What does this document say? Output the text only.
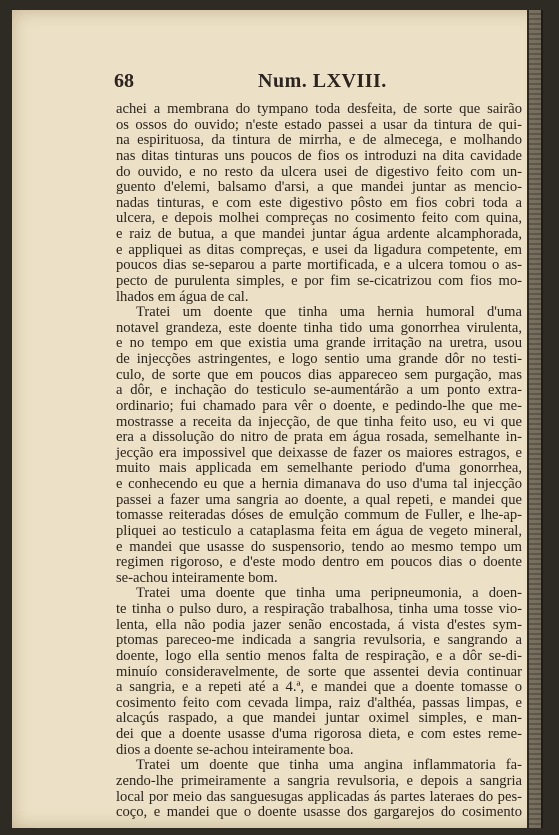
68	Num. LXVIII.
achei a membrana do tympano toda desfeita, de sorte que sairão
os ossos do ouvido; n'este estado passei a usar da tintura de qui-
na espirituosa, da tintura de mirrha, e de almecega, e molhando
nas ditas tinturas uns poucos de fios os introduzi na dita cavidade
do ouvido, e no resto da ulcera usei de digestivo feito com un-
guento d'elemi, balsamo d'arsi, a que mandei juntar as mencio-
nadas tinturas, e com este digestivo pôsto em fios cobri toda a
ulcera, e depois molhei compreças no cosimento feito com quina,
e raiz de butua, a que mandei juntar água ardente alcamphorada,
e appliquei as ditas compreças, e usei da ligadura competente, em
poucos dias se-separou a parte mortificada, e a ulcera tomou o as-
pecto de purulenta simples, e por fim se-cicatrizou com fios mo-
lhados em água de cal.
Tratei um doente que tinha uma hernia humoral d'uma
notavel grandeza, este doente tinha tido uma gonorrhea virulenta,
e no tempo em que existia uma grande irritação na uretra, usou
de injecções astringentes, e logo sentio uma grande dôr no testi-
culo, de sorte que em poucos dias appareceo sem purgação, mas
a dôr, e inchação do testiculo se-aumentárão a um ponto extra-
ordinario; fui chamado para vêr o doente, e pedindo-lhe que me-
mostrasse a receita da injecção, de que tinha feito uso, eu vi que
era a dissolução do nitro de prata em água rosada, semelhante in-
jecção era impossivel que deixasse de fazer os maiores estragos, e
muito mais applicada em semelhante periodo d'uma gonorrhea,
e conhecendo eu que a hernia dimanava do uso d'uma tal injecção
passei a fazer uma sangria ao doente, a qual repeti, e mandei que
tomasse reiteradas dóses de emulção commum de Fuller, e lhe-ap-
pliquei ao testiculo a cataplasma feita em água de vegeto mineral,
e mandei que usasse do suspensorio, tendo ao mesmo tempo um
regimen rigoroso, e d'este modo dentro em poucos dias o doente
se-achou inteiramente bom.
Tratei uma doente que tinha uma peripneumonia, a doen-
te tinha o pulso duro, a respiração trabalhosa, tinha uma tosse vio-
lenta, ella não podia jazer senão encostada, á vista d'estes sym-
ptomas pareceo-me indicada a sangria revulsoria, e sangrando a
doente, logo ella sentio menos falta de respiração, e a dôr se-di-
minuío consideravelmente, de sorte que assentei devia continuar
a sangria, e a repeti até a 4.ª, e mandei que a doente tomasse o
cosimento feito com cevada limpa, raiz d'althéa, passas limpas, e
alcaçús raspado, a que mandei juntar oximel simples, e man-
dei que a doente usasse d'uma rigorosa dieta, e com estes reme-
dios a doente se-achou inteiramente boa.
Tratei um doente que tinha uma angina inflammatoria fa-
zendo-lhe primeiramente a sangria revulsoria, e depois a sangria
local por meio das sanguesugas applicadas ás partes lateraes do pes-
coço, e mandei que o doente usasse dos gargarejos do cosimento
